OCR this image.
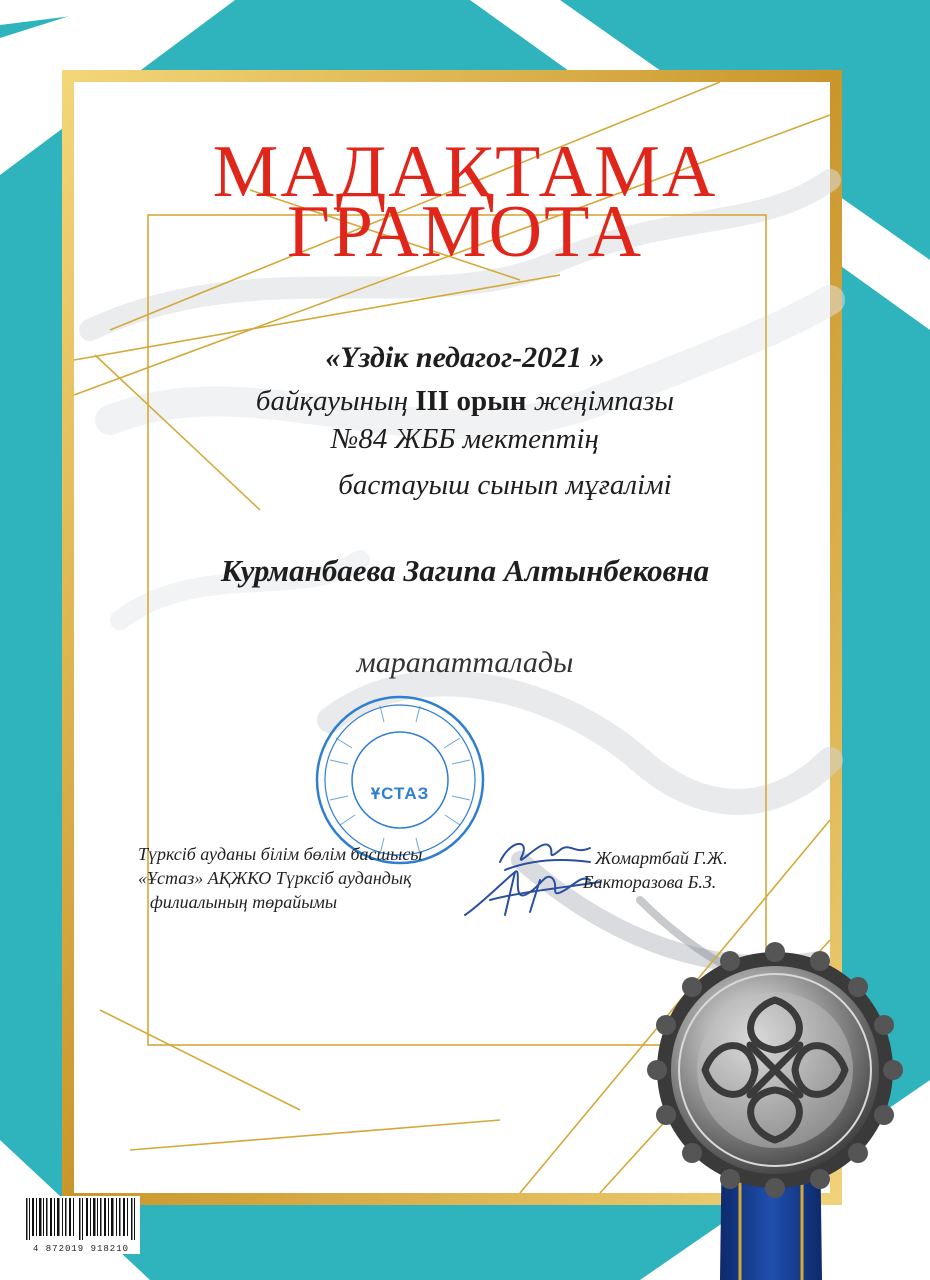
МАДАҚТАМА
ГРАМОТА
«Үздік педагог-2021 »
байқауының III орын жеңімпазы
№84 ЖББ мектептің
бастауыш сынып мұғалімі
Курманбаева Загипа Алтынбековна
марапатталады
ҰСТАЗ
Түрксіб ауданы білім бөлім басшысы
«Ұстаз» АҚЖКО Түрксіб аудандық
филиалының төрайымы
Жомартбай Г.Ж.
Бакторазова Б.З.
4 872019 918210
